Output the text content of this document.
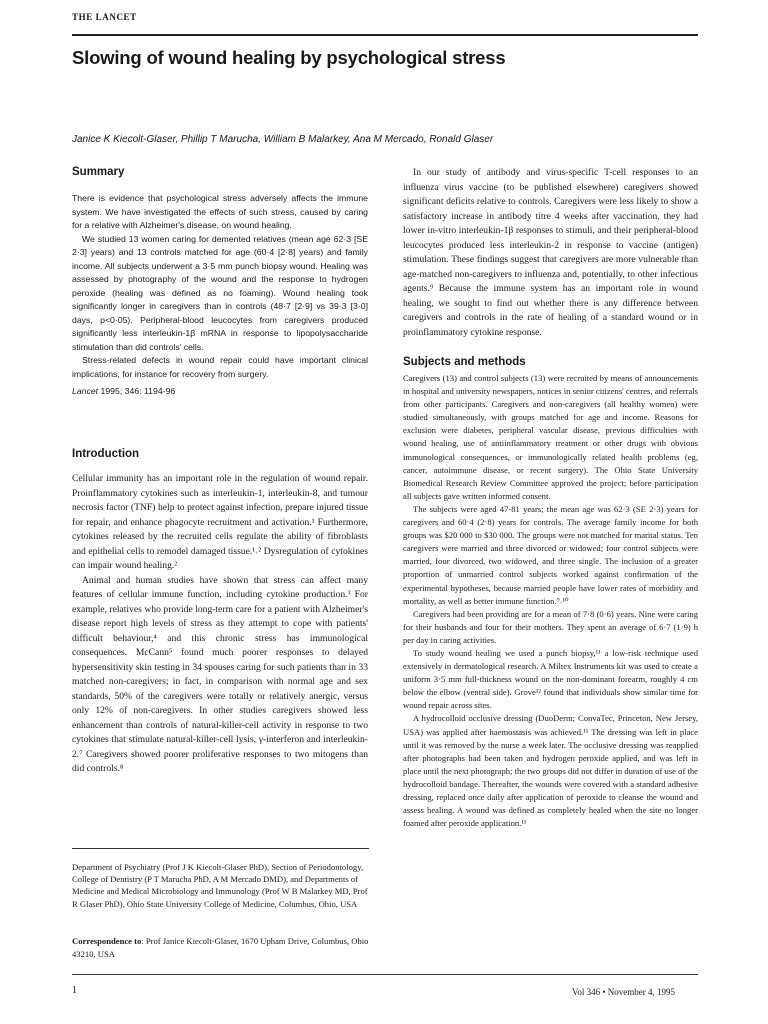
THE LANCET
Slowing of wound healing by psychological stress
Janice K Kiecolt-Glaser, Phillip T Marucha, William B Malarkey, Ana M Mercado, Ronald Glaser
Summary

There is evidence that psychological stress adversely affects the immune system. We have investigated the effects of such stress, caused by caring for a relative with Alzheimer's disease, on wound healing.

We studied 13 women caring for demented relatives (mean age 62·3 [SE 2·3] years) and 13 controls matched for age (60·4 [2·8] years) and family income. All subjects underwent a 3·5 mm punch biopsy wound. Healing was assessed by photography of the wound and the response to hydrogen peroxide (healing was defined as no foaming). Wound healing took significantly longer in caregivers than in controls (48·7 [2·9] vs 39·3 [3·0] days, p<0·05). Peripheral-blood leucocytes from caregivers produced significantly less interleukin-1β mRNA in response to lipopolysaccharide stimulation than did controls' cells.

Stress-related defects in wound repair could have important clinical implications, for instance for recovery from surgery.

Lancet 1995; 346: 1194-96

Introduction

Cellular immunity has an important role in the regulation of wound repair. Proinflammatory cytokines such as interleukin-1, interleukin-8, and tumour necrosis factor (TNF) help to protect against infection, prepare injured tissue for repair, and enhance phagocyte recruitment and activation.¹ Furthermore, cytokines released by the recruited cells regulate the ability of fibroblasts and epithelial cells to remodel damaged tissue.¹˒² Dysregulation of cytokines can impair wound healing.²

Animal and human studies have shown that stress can affect many features of cellular immune function, including cytokine production.³ For example, relatives who provide long-term care for a patient with Alzheimer's disease report high levels of stress as they attempt to cope with patients' difficult behaviour,⁴ and this chronic stress has immunological consequences. McCann⁵ found much poorer responses to delayed hypersensitivity skin testing in 34 spouses caring for such patients than in 33 matched non-caregivers; in fact, in comparison with normal age and sex standards, 50% of the caregivers were totally or relatively anergic, versus only 12% of non-caregivers. In other studies caregivers showed less enhancement than controls of natural-killer-cell activity in response to two cytokines that stimulate natural-killer-cell lysis, γ-interferon and interleukin-2.⁷ Caregivers showed poorer proliferative responses to two mitogens than did controls.⁸

Department of Psychiatry (Prof J K Kiecolt-Glaser PhD), Section of Periodontology, College of Dentistry (P T Marucha PhD, A M Mercado DMD), and Departments of Medicine and Medical Microbiology and Immunology (Prof W B Malarkey MD, Prof R Glaser PhD), Ohio State University College of Medicine, Columbus, Ohio, USA
Correspondence to: Prof Janice Kiecolt-Glaser, 1670 Upham Drive, Columbus, Ohio 43210, USA

In our study of antibody and virus-specific T-cell responses to an influenza virus vaccine (to be published elsewhere) caregivers showed significant deficits relative to controls. Caregivers were less likely to show a satisfactory increase in antibody titre 4 weeks after vaccination, they had lower in-vitro interleukin-1β responses to stimuli, and their peripheral-blood leucocytes produced less interleukin-2 in response to vaccine (antigen) stimulation. These findings suggest that caregivers are more vulnerable than age-matched non-caregivers to influenza and, potentially, to other infectious agents.⁹ Because the immune system has an important role in wound healing, we sought to find out whether there is any difference between caregivers and controls in the rate of healing of a standard wound or in proinflammatory cytokine response.

Subjects and methods

Caregivers (13) and control subjects (13) were recruited by means of announcements in hospital and university newspapers, notices in senior citizens' centres, and referrals from other participants. Caregivers and non-caregivers (all healthy women) were studied simultaneously, with groups matched for age and income. Reasons for exclusion were diabetes, peripheral vascular disease, previous difficulties with wound healing, use of antiinflammatory treatment or other drugs with obvious immunological consequences, or immunologically related health problems (eg, cancer, autoimmune disease, or recent surgery). The Ohio State University Biomedical Research Review Committee approved the project; before participation all subjects gave written informed consent.

The subjects were aged 47-81 years; the mean age was 62·3 (SE 2·3) years for caregivers and 60·4 (2·8) years for controls. The average family income for both groups was $20 000 to $30 000. The groups were not matched for marital status. Ten caregivers were married and three divorced or widowed; four control subjects were married, four divorced, two widowed, and three single. The inclusion of a greater proportion of unmarried control subjects worked against confirmation of the experimental hypotheses, because married people have lower rates of morbidity and mortality, as well as better immune function.⁹˒¹⁰

Caregivers had been providing are for a mean of 7·8 (0·6) years. Nine were caring for their husbands and four for their mothers. They spent an average of 6·7 (1·9) h per day in caring activities.

To study wound healing we used a punch biopsy,¹¹ a low-risk technique used extensively in dermatological research. A Miltex Instruments kit was used to create a uniform 3·5 mm full-thickness wound on the non-dominant forearm, roughly 4 cm below the elbow (ventral side). Grove¹² found that individuals show similar time for wound repair across sites.

A hydrocolloid occlusive dressing (DuoDerm; ConvaTec, Princeton, New Jersey, USA) was applied after haemostasis was achieved.¹¹ The dressing was left in place until it was removed by the nurse a week later. The occlusive dressing was reapplied after photographs had been taken and hydrogen peroxide applied, and was left in place until the next photograph; the two groups did not differ in duration of use of the hydrocolloid bandage. Thereafter, the wounds were covered with a standard adhesive dressing, replaced once daily after application of peroxide to cleanse the wound and assess healing. A wound was defined as completely healed when the site no longer foamed after peroxide application.¹¹

1	Vol 346 • November 4, 1995
